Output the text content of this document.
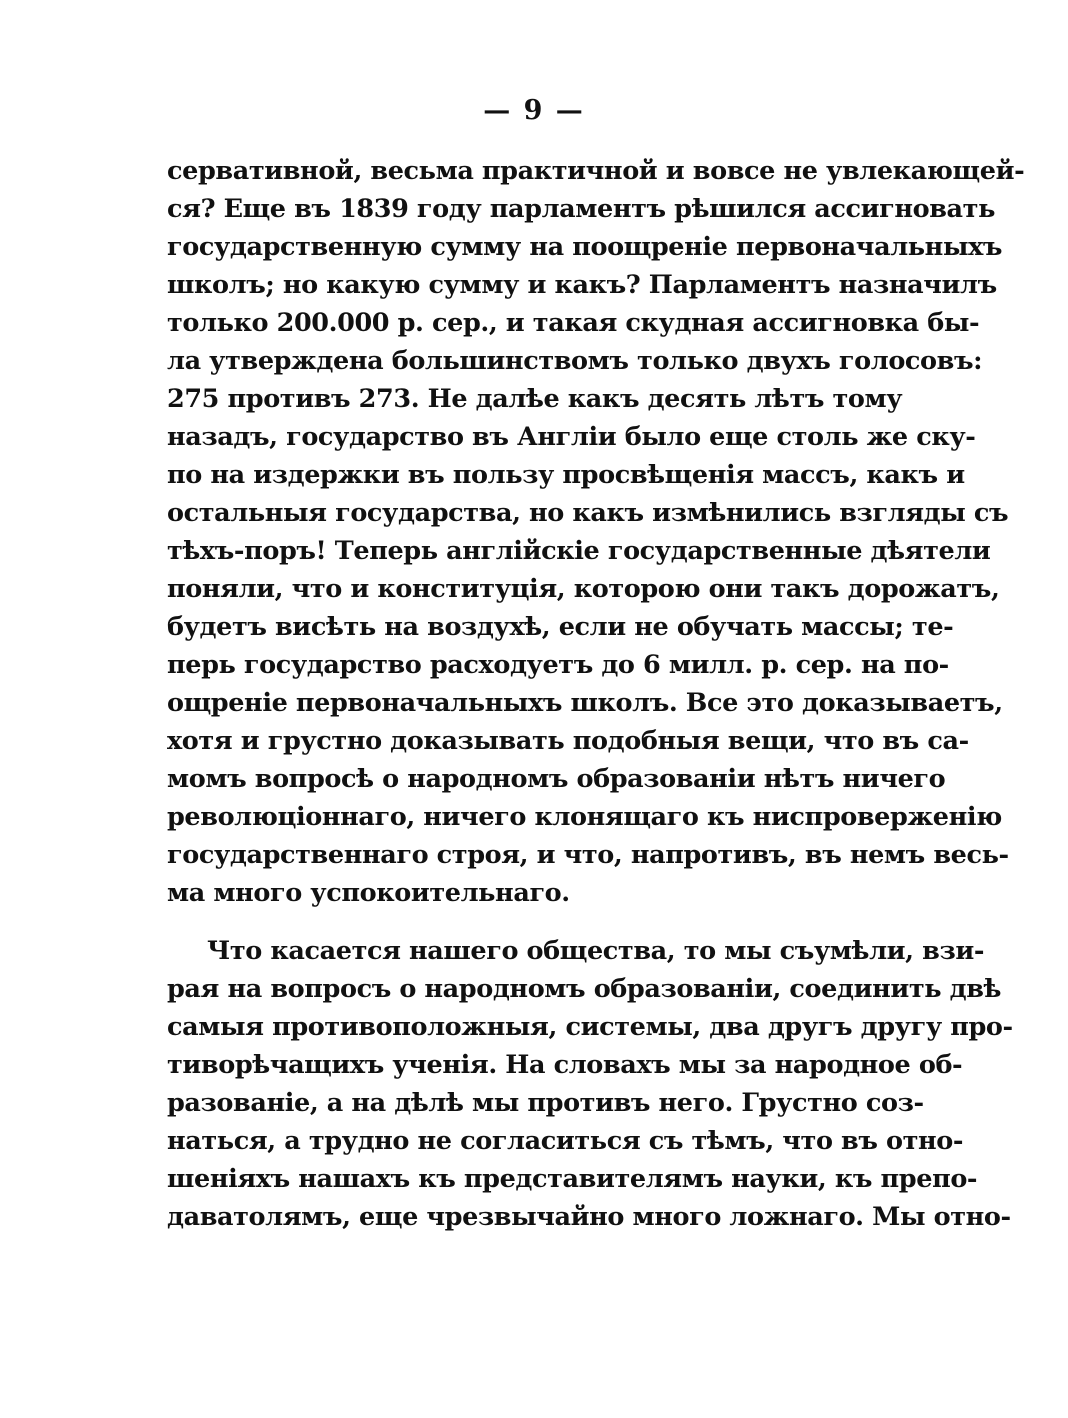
— 9 —
сервативной, весьма практичной и вовсе не увлекающей-
ся? Еще въ 1839 году парламентъ рѣшился ассигновать
государственную сумму на поощреніе первоначальныхъ
школъ; но какую сумму и какъ? Парламентъ назначилъ
только 200.000 р. сер., и такая скудная ассигновка бы-
ла утверждена большинствомъ только двухъ голосовъ:
275 противъ 273. Не далѣе какъ десять лѣтъ тому
назадъ, государство въ Англіи было еще столь же ску-
по на издержки въ пользу просвѣщенія массъ, какъ и
остальныя государства, но какъ измѣнились взгляды съ
тѣхъ-поръ! Теперь англійскіе государственные дѣятели
поняли, что и конституція, которою они такъ дорожатъ,
будетъ висѣть на воздухѣ, если не обучать массы; те-
перь государство расходуетъ до 6 милл. р. сер. на по-
ощреніе первоначальныхъ школъ. Все это доказываетъ,
хотя и грустно доказывать подобныя вещи, что въ са-
момъ вопросѣ о народномъ образованіи нѣтъ ничего
революціоннаго, ничего клонящаго къ ниспроверженію
государственнаго строя, и что, напротивъ, въ немъ весь-
ма много успокоительнаго.
Что касается нашего общества, то мы съумѣли, взи-
рая на вопросъ о народномъ образованіи, соединить двѣ
самыя противоположныя, системы, два другъ другу про-
тиворѣчащихъ ученія. На словахъ мы за народное об-
разованіе, а на дѣлѣ мы противъ него. Грустно соз-
наться, а трудно не согласиться съ тѣмъ, что въ отно-
шеніяхъ нашахъ къ представителямъ науки, къ препо-
даватолямъ, еще чрезвычайно много ложнаго. Мы отно-
